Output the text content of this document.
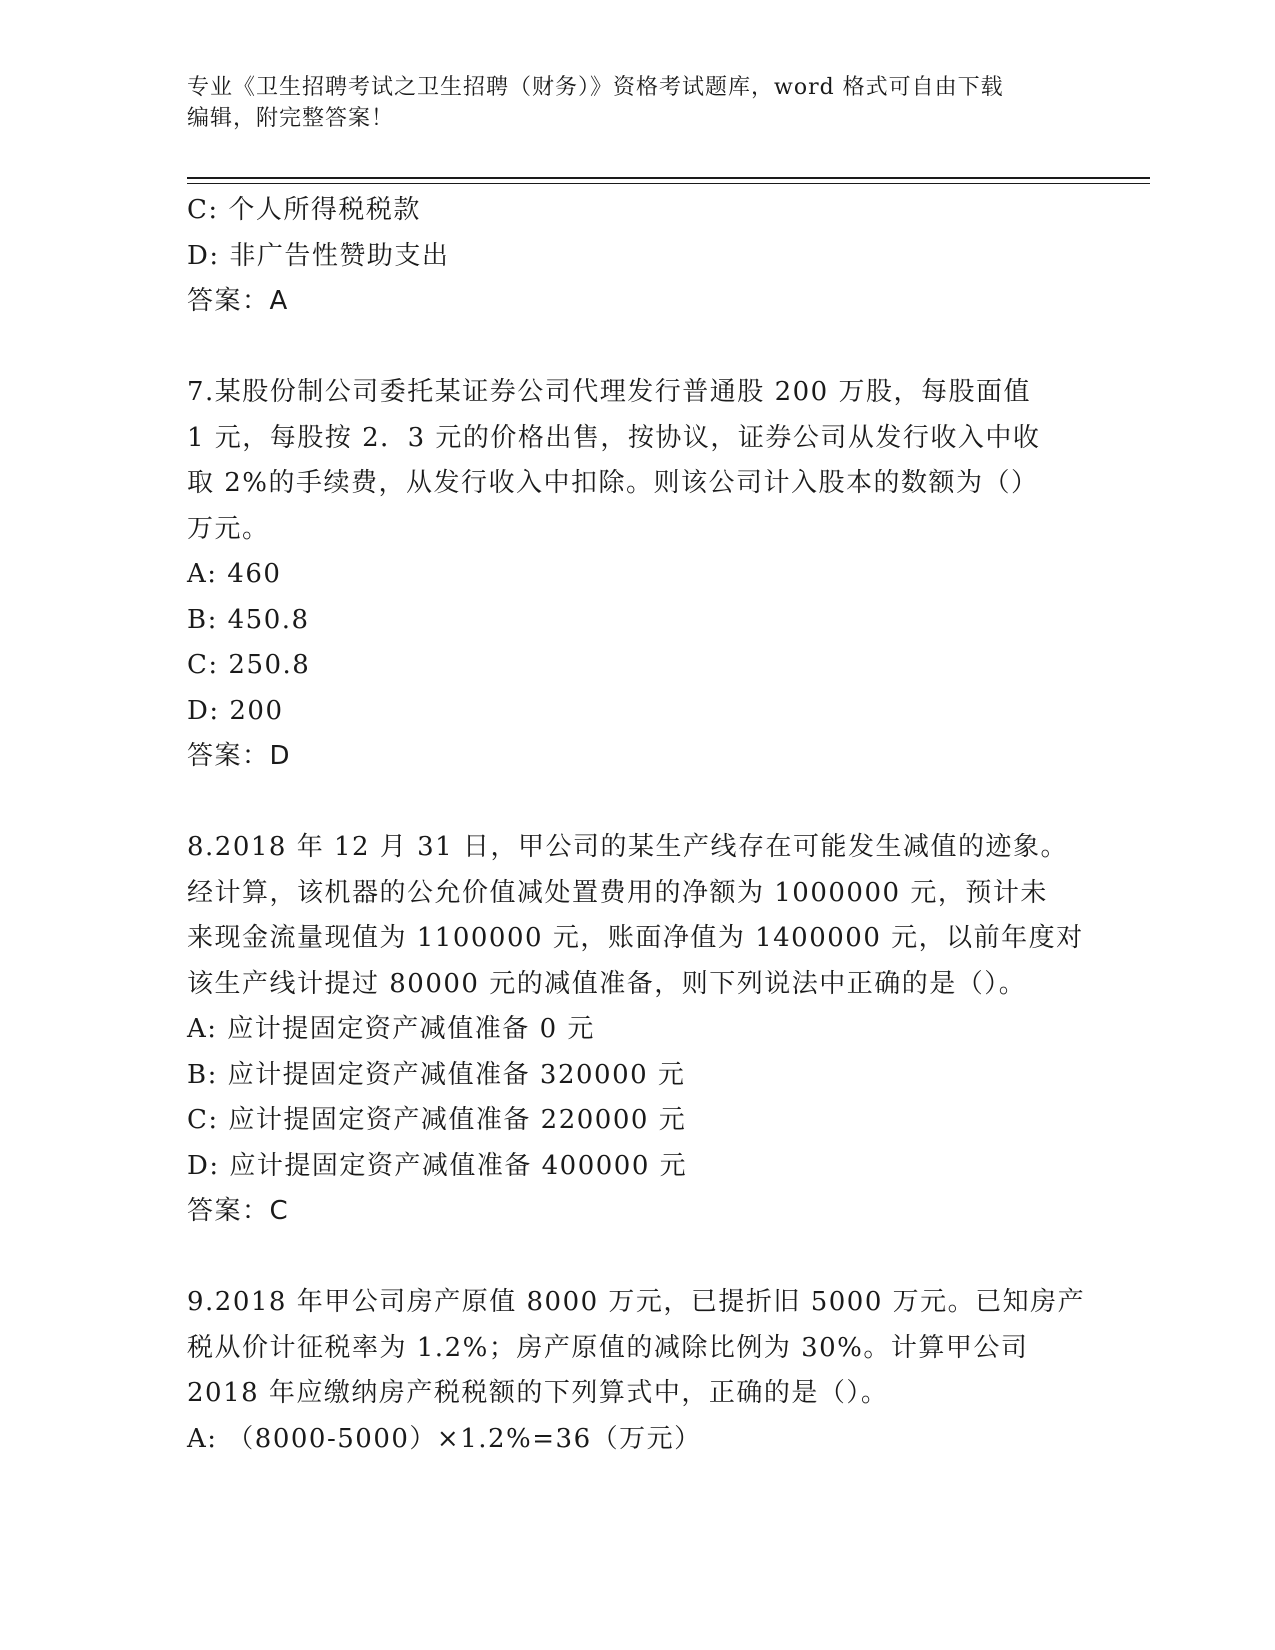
专业《卫生招聘考试之卫生招聘（财务）》资格考试题库，word 格式可自由下载
编辑，附完整答案！
C: 个人所得税税款
D: 非广告性赞助支出
答案：A
7.某股份制公司委托某证券公司代理发行普通股 200 万股，每股面值
1 元，每股按 2．3 元的价格出售，按协议，证券公司从发行收入中收
取 2%的手续费，从发行收入中扣除。则该公司计入股本的数额为（）
万元。
A: 460
B: 450.8
C: 250.8
D: 200
答案：D
8.2018 年 12 月 31 日，甲公司的某生产线存在可能发生减值的迹象。
经计算，该机器的公允价值减处置费用的净额为 1000000 元，预计未
来现金流量现值为 1100000 元，账面净值为 1400000 元，以前年度对
该生产线计提过 80000 元的减值准备，则下列说法中正确的是（）。
A: 应计提固定资产减值准备 0 元
B: 应计提固定资产减值准备 320000 元
C: 应计提固定资产减值准备 220000 元
D: 应计提固定资产减值准备 400000 元
答案：C
9.2018 年甲公司房产原值 8000 万元，已提折旧 5000 万元。已知房产
税从价计征税率为 1.2%；房产原值的减除比例为 30%。计算甲公司
2018 年应缴纳房产税税额的下列算式中，正确的是（）。
A: （8000-5000）×1.2%=36（万元）
